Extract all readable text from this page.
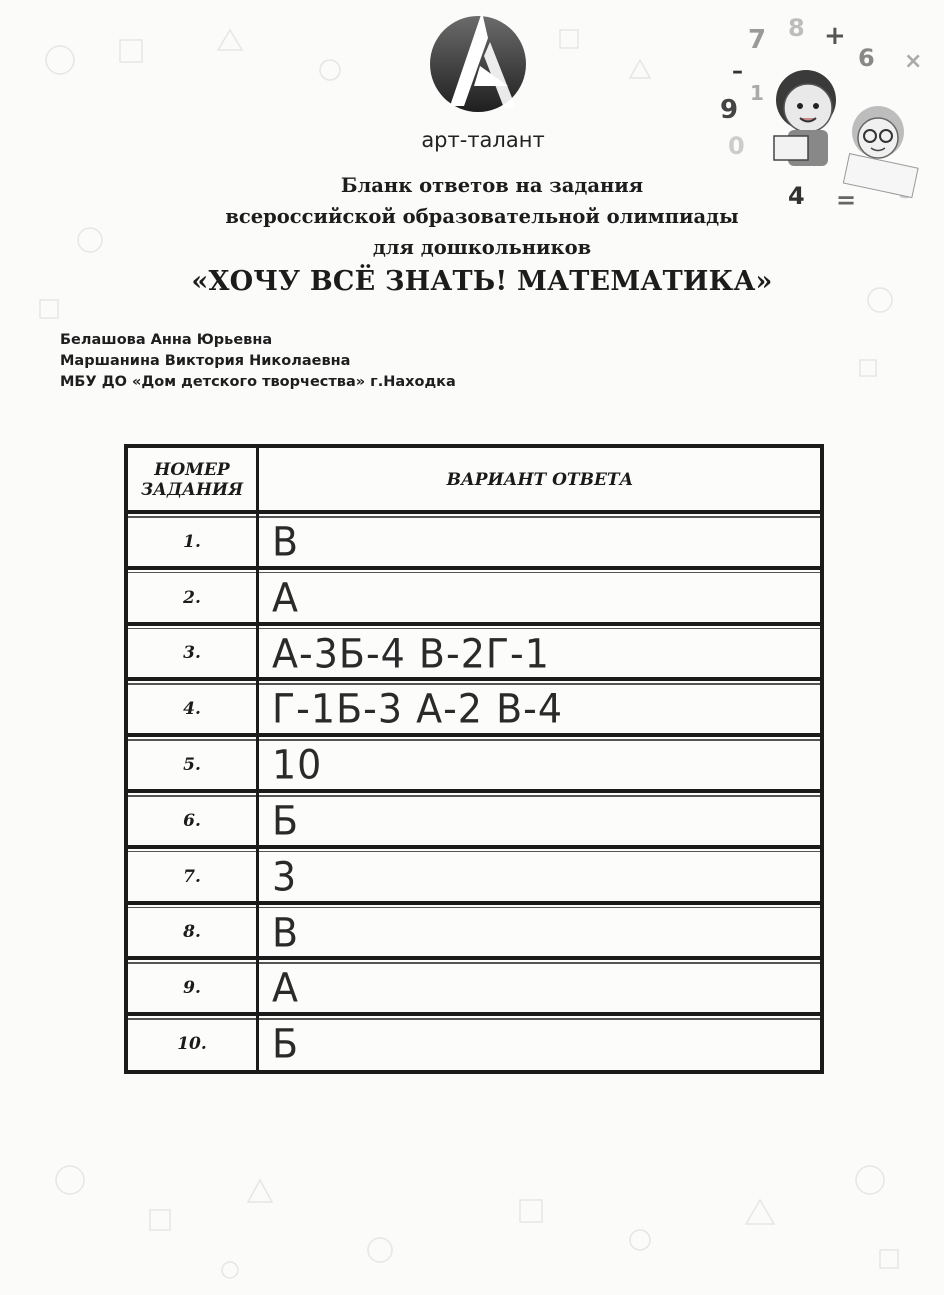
арт-талант
7 8 +
6 ×
9
1
0
4 =
–
Бланк ответов на задания
всероссийской образовательной олимпиады
для дошкольников
«ХОЧУ ВСЁ ЗНАТЬ! МАТЕМАТИКА»
Белашова Анна Юрьевна
Маршанина Виктория Николаевна
МБУ ДО «Дом детского творчества» г.Находка
НОМЕР
ЗАДАНИЯ	ВАРИАНТ ОТВЕТА
1.	В
2.	А
3.	А-3Б-4 В-2Г-1
4.	Г-1Б-3 А-2 В-4
5.	10
6.	Б
7.	3
8.	В
9.	А
10.	Б
